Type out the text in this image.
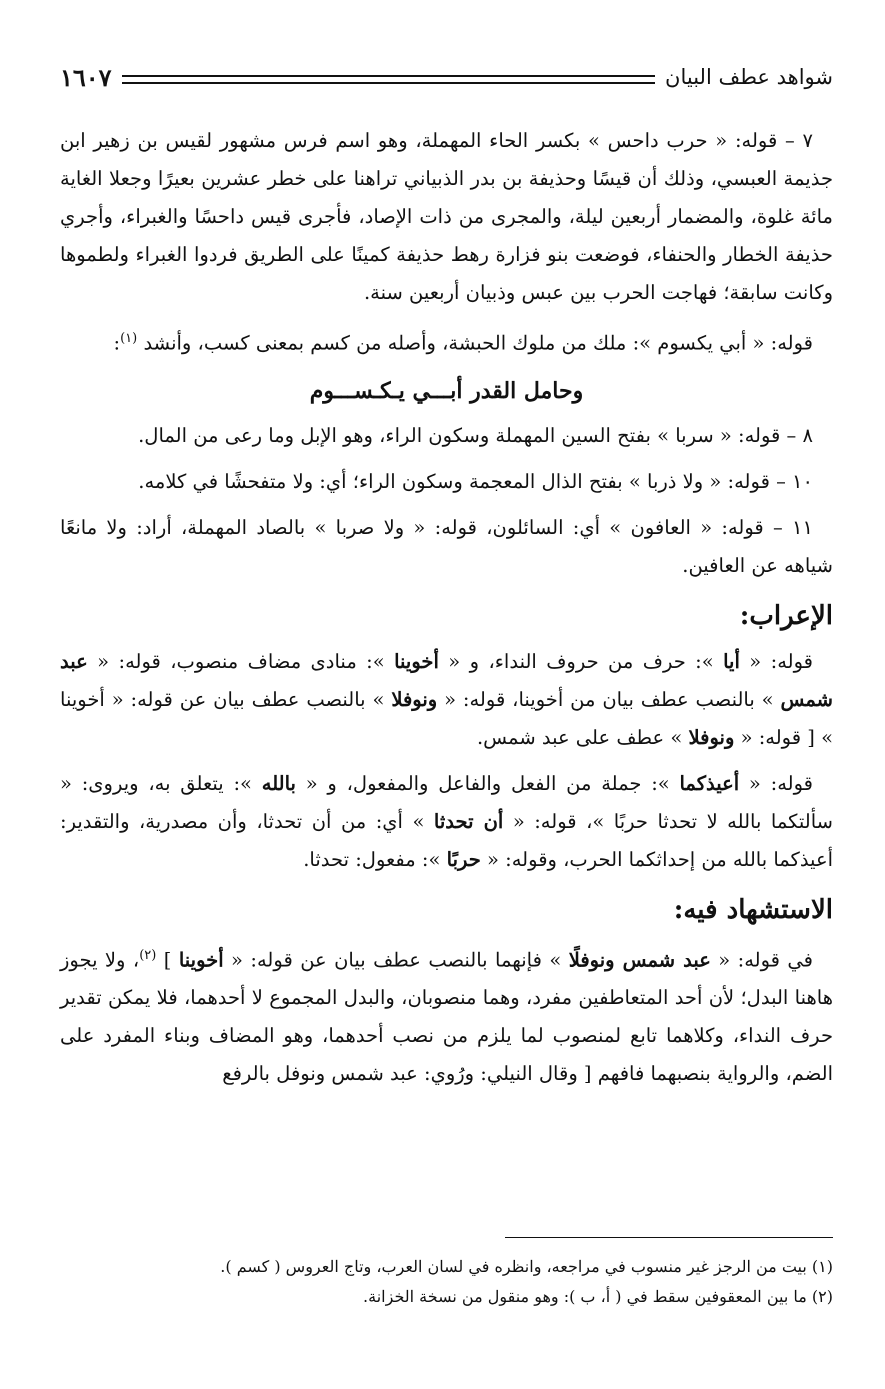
شواهد عطف البيان
١٦٠٧

٧ – قوله: « حرب داحس » بكسر الحاء المهملة، وهو اسم فرس مشهور لقيس بن زهير ابن جذيمة العبسي، وذلك أن قيسًا وحذيفة بن بدر الذبياني تراهنا على خطر عشرين بعيرًا وجعلا الغاية مائة غلوة، والمضمار أربعين ليلة، والمجرى من ذات الإصاد، فأجرى قيس داحسًا والغبراء، وأجري حذيفة الخطار والحنفاء، فوضعت بنو فزارة رهط حذيفة كمينًا على الطريق فردوا الغبراء ولطموها وكانت سابقة؛ فهاجت الحرب بين عبس وذبيان أربعين سنة.

قوله: « أبي يكسوم »: ملك من ملوك الحبشة، وأصله من كسم بمعنى كسب، وأنشد $^{(١)}$:

وحامل القدر أبـــي يـكـســـوم

٨ – قوله: « سربا » بفتح السين المهملة وسكون الراء، وهو الإبل وما رعى من المال.

١٠ – قوله: « ولا ذربا » بفتح الذال المعجمة وسكون الراء؛ أي: ولا متفحشًا في كلامه.

١١ – قوله: « العافون » أي: السائلون، قوله: « ولا صربا » بالصاد المهملة، أراد: ولا مانعًا شياهه عن العافين.

الإعراب:

قوله: « أيا »: حرف من حروف النداء، و « أخوينا »: منادى مضاف منصوب، قوله: « عبد شمس » بالنصب عطف بيان من أخوينا، قوله: « ونوفلا » بالنصب عطف بيان عن قوله: « أخوينا » [ قوله: « ونوفلا » عطف على عبد شمس.

قوله: « أعيذكما »: جملة من الفعل والفاعل والمفعول، و « بالله »: يتعلق به، ويروى: « سألتكما بالله لا تحدثا حربًا »، قوله: « أن تحدثا » أي: من أن تحدثا، وأن مصدرية، والتقدير: أعيذكما بالله من إحداثكما الحرب، وقوله: « حربًا »: مفعول: تحدثا.

الاستشهاد فيه:

في قوله: « عبد شمس ونوفلًا » فإنهما بالنصب عطف بيان عن قوله: « أخوينا ] $^{(٢)}$، ولا يجوز هاهنا البدل؛ لأن أحد المتعاطفين مفرد، وهما منصوبان، والبدل المجموع لا أحدهما، فلا يمكن تقدير حرف النداء، وكلاهما تابع لمنصوب لما يلزم من نصب أحدهما، وهو المضاف وبناء المفرد على الضم، والرواية بنصبهما فافهم [ وقال النيلي: ورُوي: عبد شمس ونوفل بالرفع

(١) بيت من الرجز غير منسوب في مراجعه، وانظره في لسان العرب، وتاج العروس ( كسم ).

(٢) ما بين المعقوفين سقط في ( أ، ب ): وهو منقول من نسخة الخزانة.
